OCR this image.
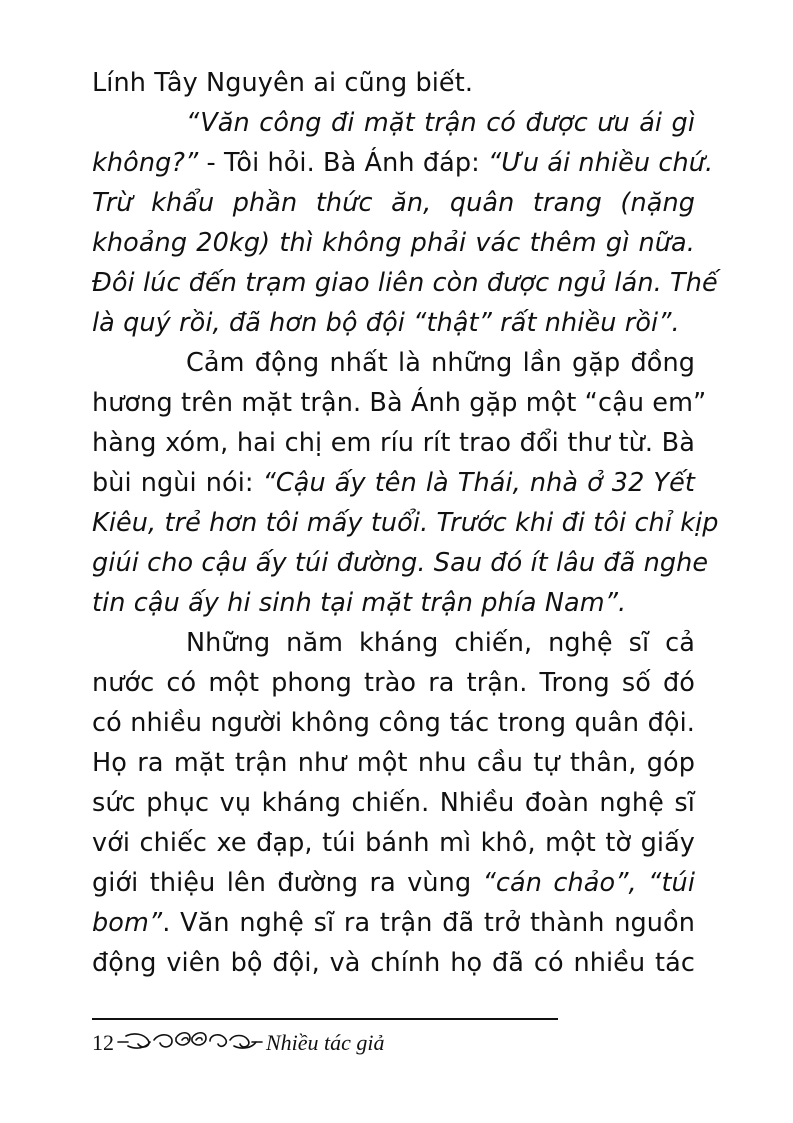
Lính Tây Nguyên ai cũng biết.
“Văn công đi mặt trận có được ưu ái gì
không?” - Tôi hỏi. Bà Ánh đáp: “Ưu ái nhiều chứ.
Trừ khẩu phần thức ăn, quân trang (nặng
khoảng 20kg) thì không phải vác thêm gì nữa.
Đôi lúc đến trạm giao liên còn được ngủ lán. Thế
là quý rồi, đã hơn bộ đội “thật” rất nhiều rồi”.
Cảm động nhất là những lần gặp đồng
hương trên mặt trận. Bà Ánh gặp một “cậu em”
hàng xóm, hai chị em ríu rít trao đổi thư từ. Bà
bùi ngùi nói: “Cậu ấy tên là Thái, nhà ở 32 Yết
Kiêu, trẻ hơn tôi mấy tuổi. Trước khi đi tôi chỉ kịp
giúi cho cậu ấy túi đường. Sau đó ít lâu đã nghe
tin cậu ấy hi sinh tại mặt trận phía Nam”.
Những năm kháng chiến, nghệ sĩ cả
nước có một phong trào ra trận. Trong số đó
có nhiều người không công tác trong quân đội.
Họ ra mặt trận như một nhu cầu tự thân, góp
sức phục vụ kháng chiến. Nhiều đoàn nghệ sĩ
với chiếc xe đạp, túi bánh mì khô, một tờ giấy
giới thiệu lên đường ra vùng “cán chảo”, “túi
bom”. Văn nghệ sĩ ra trận đã trở thành nguồn
động viên bộ đội, và chính họ đã có nhiều tác
12	Nhiều tác giả
